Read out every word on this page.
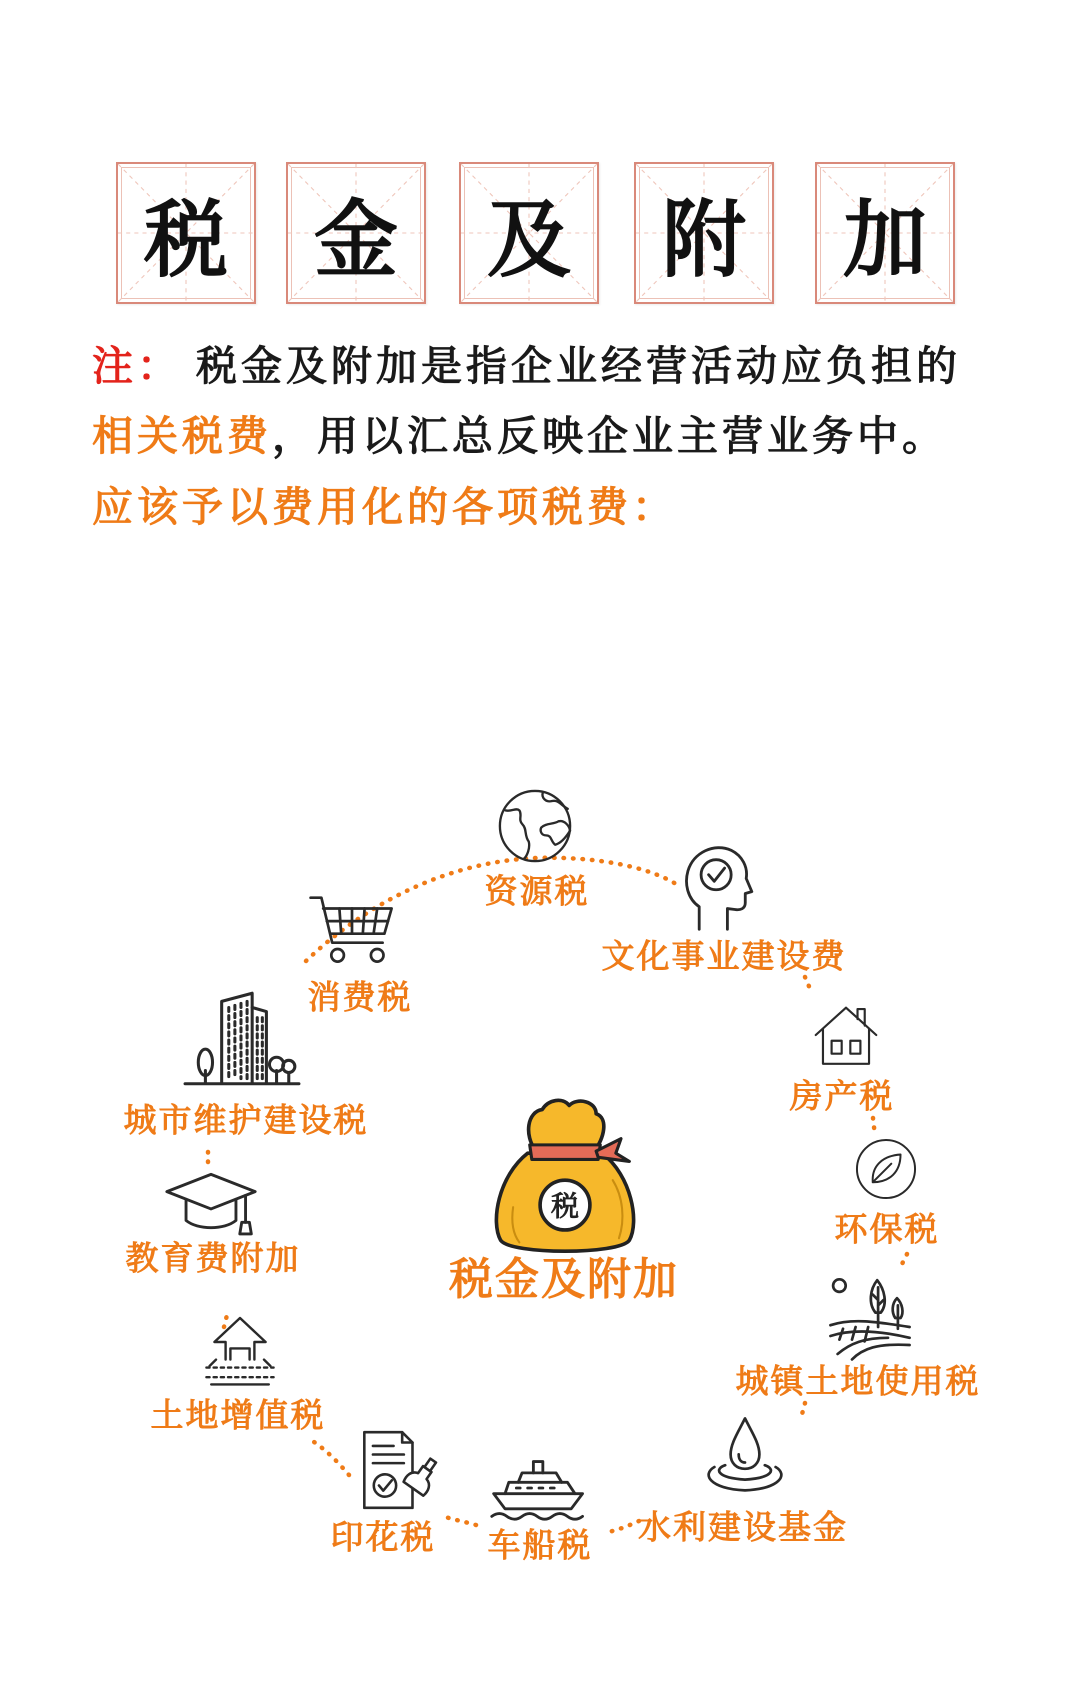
税	金	及	附	加
注： 税金及附加是指企业经营活动应负担的
相关税费，用以汇总反映企业主营业务中。
应该予以费用化的各项税费：
税
税金及附加
资源税
文化事业建设费
房产税
环保税
城镇土地使用税
水利建设基金
车船税
印花税
土地增值税
教育费附加
城市维护建设税
消费税
